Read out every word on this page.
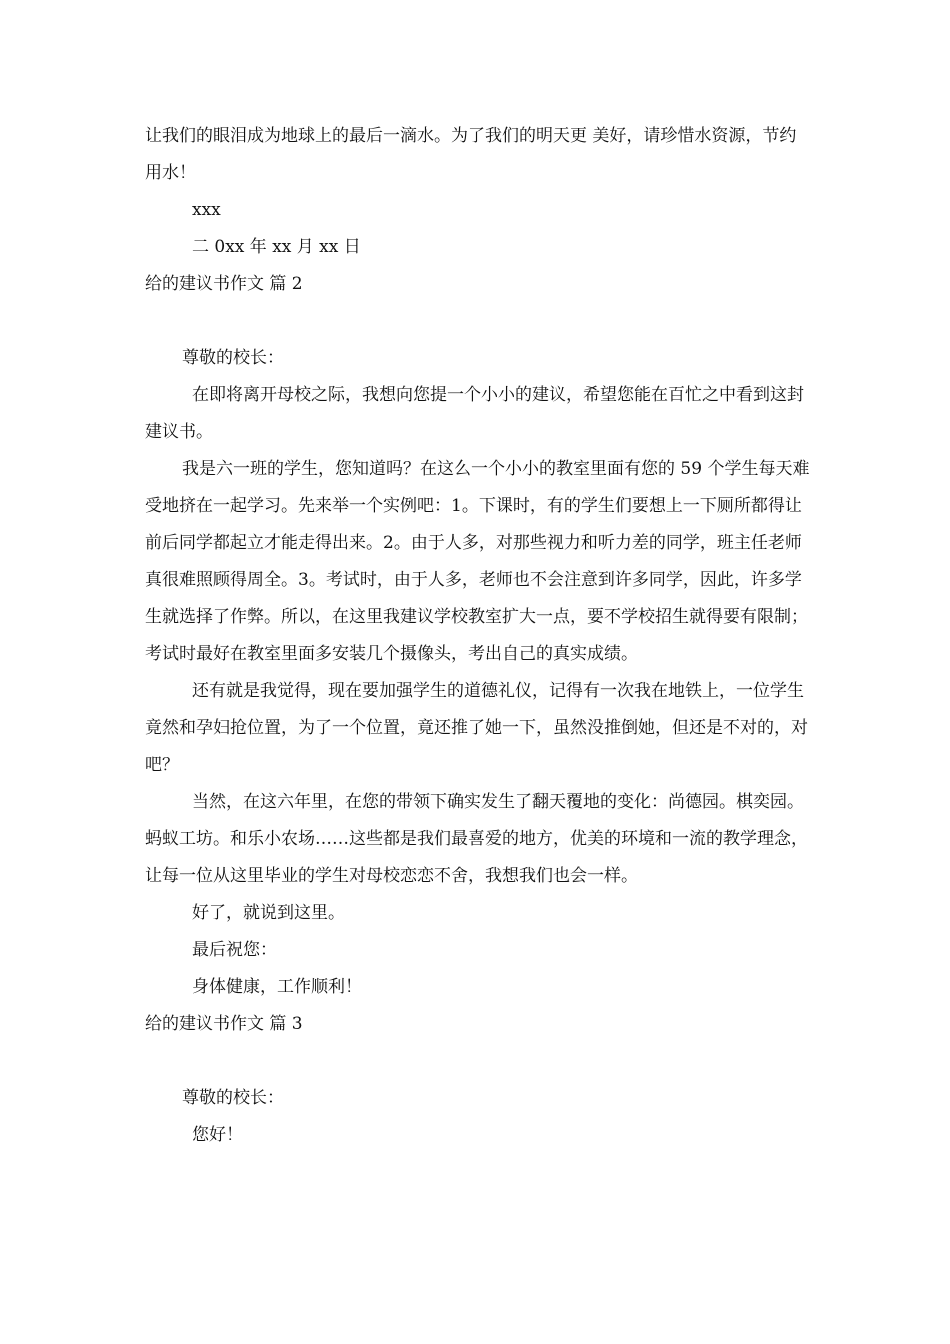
让我们的眼泪成为地球上的最后一滴水。为了我们的明天更 美好，请珍惜水资源，节约用水！

xxx

二 0xx 年 xx 月 xx 日

给的建议书作文 篇 2

尊敬的校长：

在即将离开母校之际，我想向您提一个小小的建议，希望您能在百忙之中看到这封建议书。

我是六一班的学生，您知道吗？在这么一个小小的教室里面有您的 59 个学生每天难受地挤在一起学习。先来举一个实例吧：1。下课时，有的学生们要想上一下厕所都得让前后同学都起立才能走得出来。2。由于人多，对那些视力和听力差的同学，班主任老师真很难照顾得周全。3。考试时，由于人多，老师也不会注意到许多同学，因此，许多学生就选择了作弊。所以，在这里我建议学校教室扩大一点，要不学校招生就得要有限制；考试时最好在教室里面多安装几个摄像头，考出自己的真实成绩。

还有就是我觉得，现在要加强学生的道德礼仪，记得有一次我在地铁上，一位学生竟然和孕妇抢位置，为了一个位置，竟还推了她一下，虽然没推倒她，但还是不对的，对吧？

当然，在这六年里，在您的带领下确实发生了翻天覆地的变化：尚德园。棋奕园。蚂蚁工坊。和乐小农场……这些都是我们最喜爱的地方，优美的环境和一流的教学理念，让每一位从这里毕业的学生对母校恋恋不舍，我想我们也会一样。

好了，就说到这里。

最后祝您：

身体健康，工作顺利！

给的建议书作文 篇 3

尊敬的校长：

您好！
